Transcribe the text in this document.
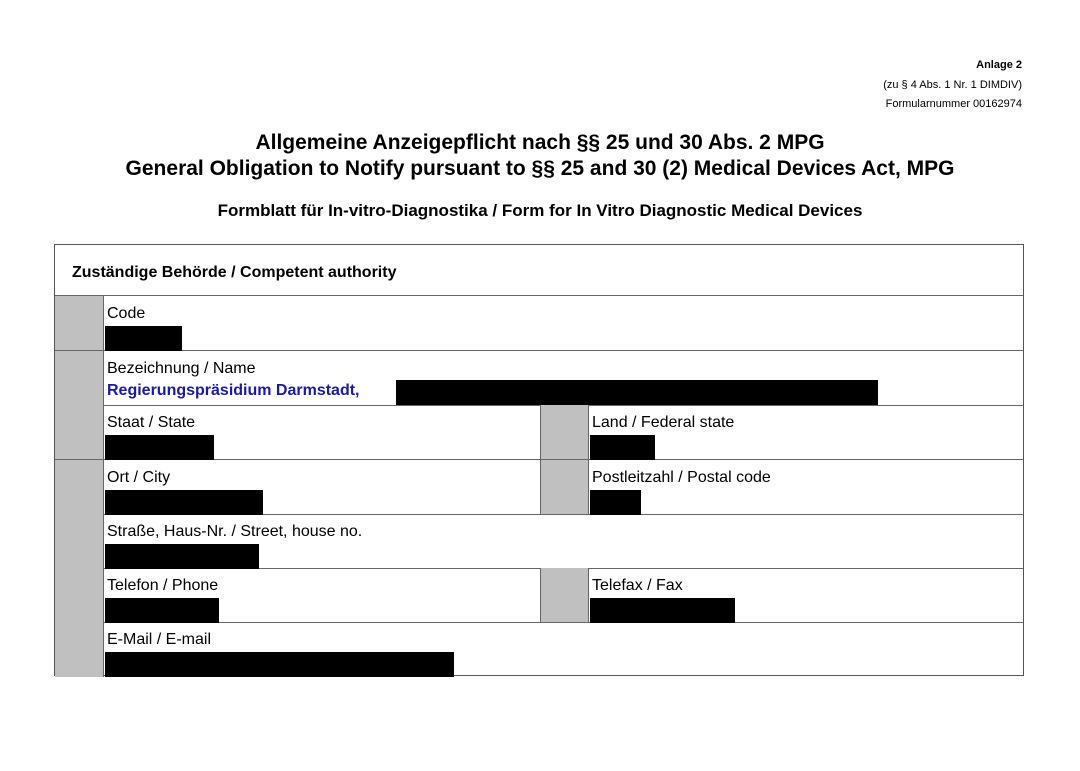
Anlage 2
(zu § 4 Abs. 1 Nr. 1 DIMDIV)
Formularnummer 00162974
Allgemeine Anzeigepflicht nach §§ 25 und 30 Abs. 2 MPG
General Obligation to Notify pursuant to §§ 25 and 30 (2) Medical Devices Act, MPG
Formblatt für In-vitro-Diagnostika / Form for In Vitro Diagnostic Medical Devices
Zuständige Behörde / Competent authority
Code
Bezeichnung / Name
Regierungspräsidium Darmstadt,
Staat / State	Land / Federal state
Ort / City	Postleitzahl / Postal code
Straße, Haus-Nr. / Street, house no.
Telefon / Phone	Telefax / Fax
E-Mail / E-mail
